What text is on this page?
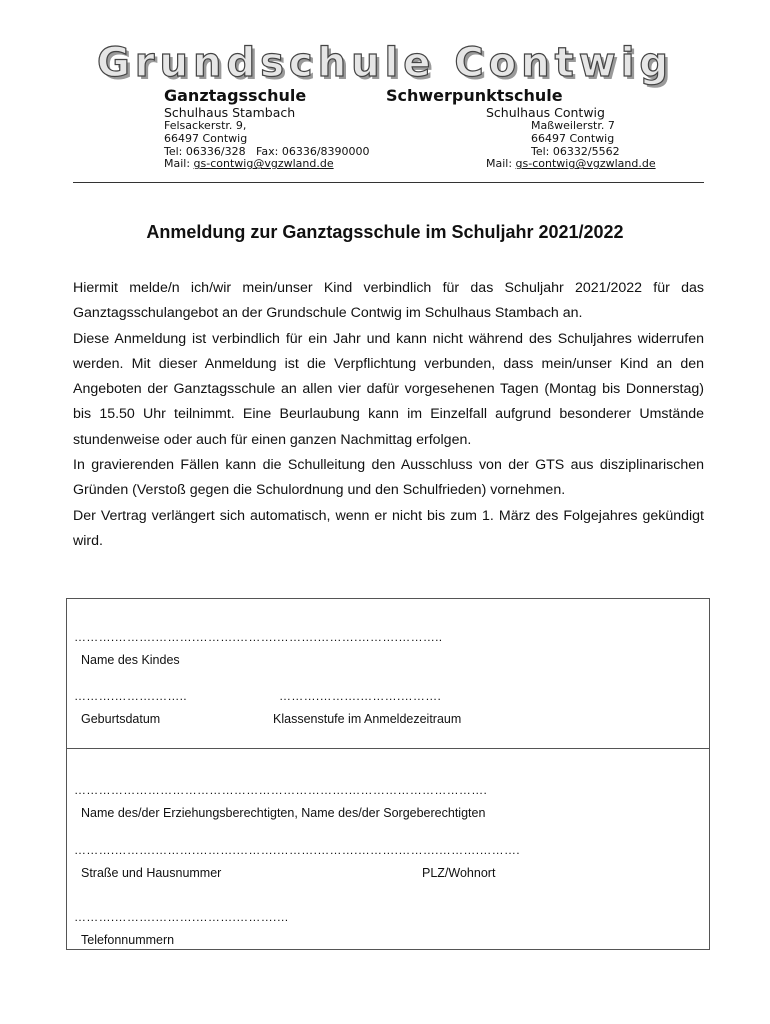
Grundschule Contwig
Ganztagsschule	Schwerpunktschule
Schulhaus Stambach
Felsackerstr. 9,
66497 Contwig
Tel: 06336/328   Fax: 06336/8390000
Mail: gs-contwig@vgzwland.de
Schulhaus Contwig
Maßweilerstr. 7
66497 Contwig
Tel: 06332/5562
Mail: gs-contwig@vgzwland.de
Anmeldung zur Ganztagsschule im Schuljahr 2021/2022

Hiermit melde/n ich/wir mein/unser Kind verbindlich für das Schuljahr 2021/2022 für das Ganztagsschulangebot an der Grundschule Contwig im Schulhaus Stambach an.

Diese Anmeldung ist verbindlich für ein Jahr und kann nicht während des Schuljahres widerrufen werden. Mit dieser Anmeldung ist die Verpflichtung verbunden, dass mein/unser Kind an den Angeboten der Ganztagsschule an allen vier dafür vorgesehenen Tagen (Montag bis Donnerstag) bis 15.50 Uhr teilnimmt. Eine Beurlaubung kann im Einzelfall aufgrund besonderer Umstände stundenweise oder auch für einen ganzen Nachmittag erfolgen.

In gravierenden Fällen kann die Schulleitung den Ausschluss von der GTS aus disziplinarischen Gründen (Verstoß gegen die Schulordnung und den Schulfrieden) vornehmen.

Der Vertrag verlängert sich automatisch, wenn er nicht bis zum 1. März des Folgejahres gekündigt wird.

……….……….……….……….……….……….……….……….………..
Name des Kindes
……….……….……..
Geburtsdatum
……….……….……….……….
Klassenstufe im Anmeldezeitraum
………………………………………………………….…………………………….
Name des/der Erziehungsberechtigten, Name des/der Sorgeberechtigten
……….……….……….……….……….……….……….……….……….……….……….
Straße und Hausnummer	PLZ/Wohnort
……….……….……….……….……….…
Telefonnummern
